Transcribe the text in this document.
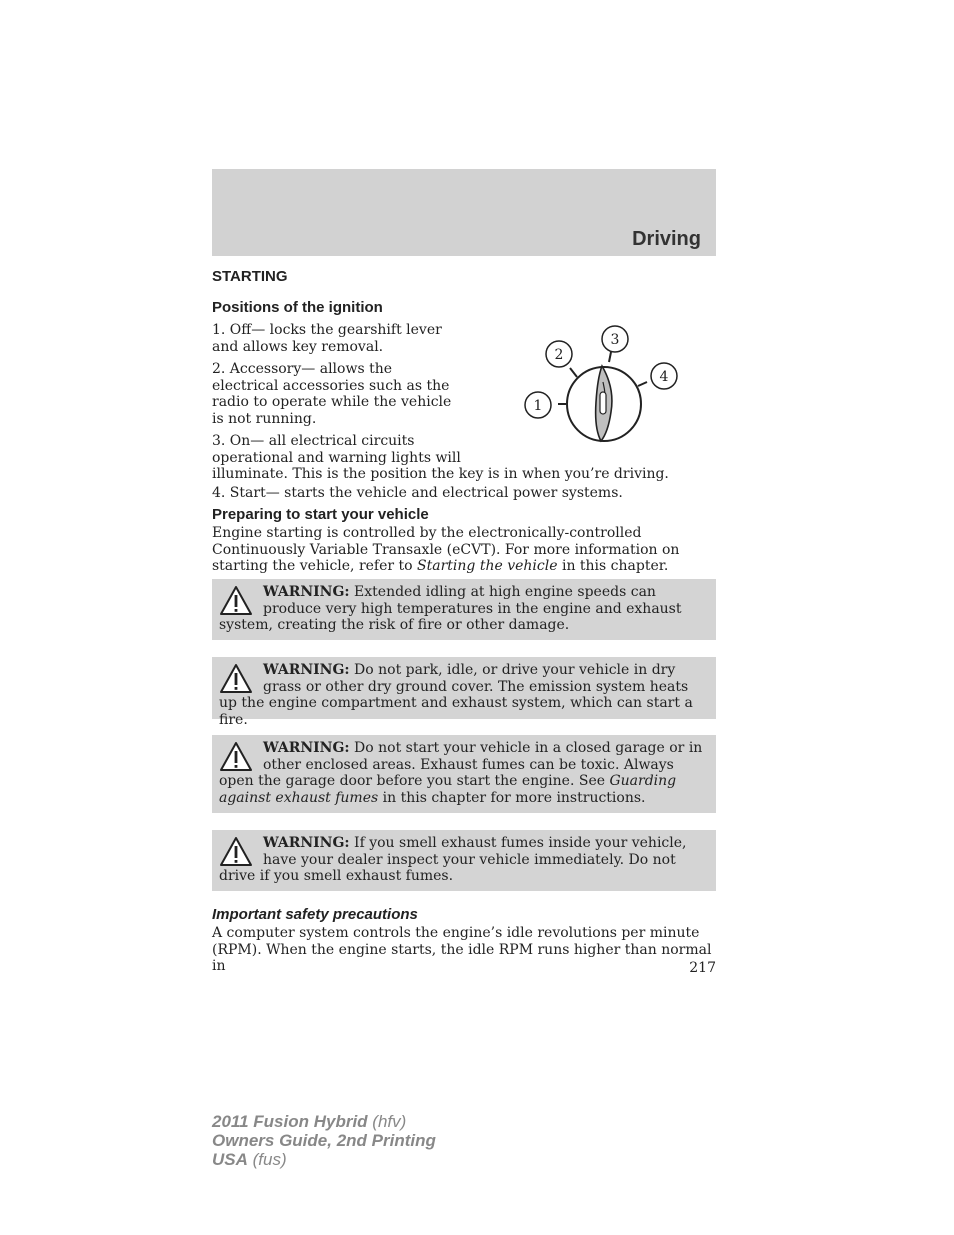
Driving
STARTING
Positions of the ignition
1. Off— locks the gearshift lever and allows key removal.
2. Accessory— allows the electrical accessories such as the radio to operate while the vehicle is not running.
3. On— all electrical circuits
operational and warning lights will
illuminate. This is the position the key is in when you’re driving.
4. Start— starts the vehicle and electrical power systems.
1
2
3
4
Preparing to start your vehicle
Engine starting is controlled by the electronically-controlled Continuously Variable Transaxle (eCVT). For more information on starting the vehicle, refer to Starting the vehicle in this chapter.
WARNING: Extended idling at high engine speeds can produce very high temperatures in the engine and exhaust system, creating the risk of fire or other damage.
WARNING: Do not park, idle, or drive your vehicle in dry grass or other dry ground cover. The emission system heats up the engine compartment and exhaust system, which can start a fire.
WARNING: Do not start your vehicle in a closed garage or in other enclosed areas. Exhaust fumes can be toxic. Always open the garage door before you start the engine. See Guarding against exhaust fumes in this chapter for more instructions.
WARNING: If you smell exhaust fumes inside your vehicle, have your dealer inspect your vehicle immediately. Do not drive if you smell exhaust fumes.
Important safety precautions
A computer system controls the engine’s idle revolutions per minute (RPM). When the engine starts, the idle RPM runs higher than normal in	217
2011 Fusion Hybrid (hfv)
Owners Guide, 2nd Printing
USA (fus)
